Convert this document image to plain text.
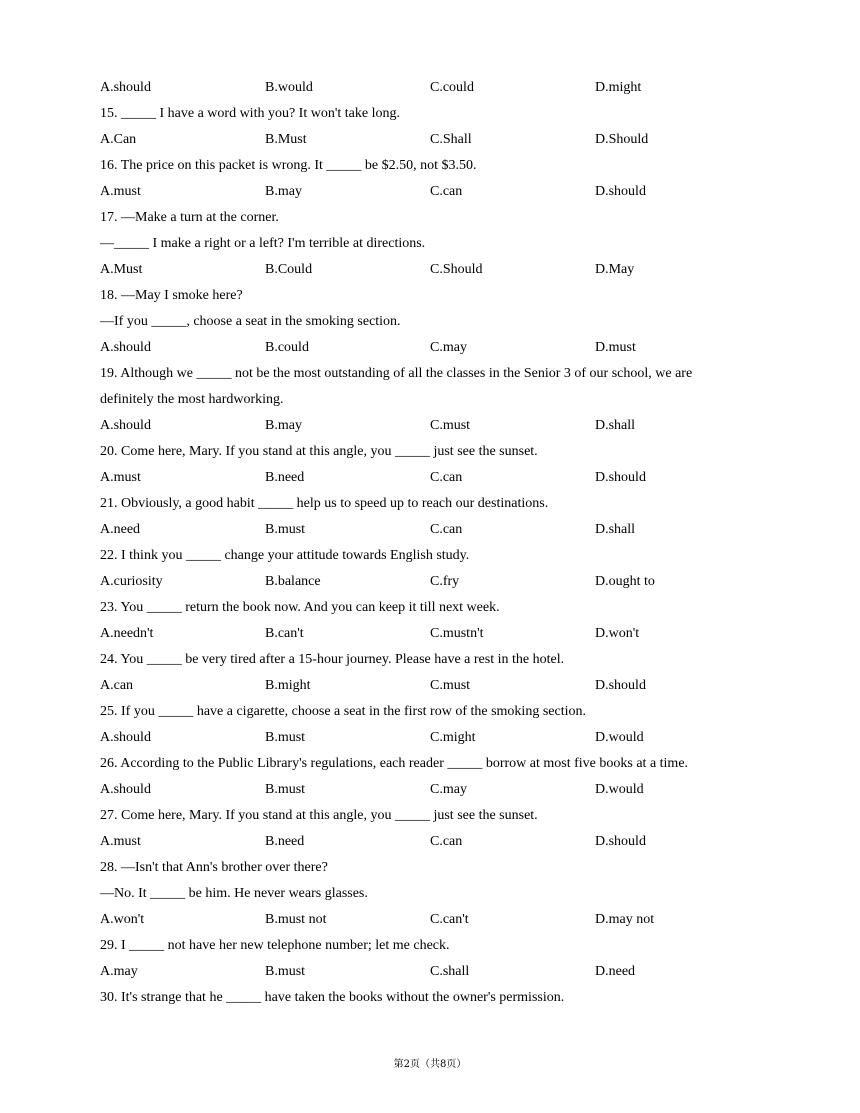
A.should	B.would	C.could	D.might
15. _____ I have a word with you? It won't take long.
A.Can	B.Must	C.Shall	D.Should
16. The price on this packet is wrong. It _____ be $2.50, not $3.50.
A.must	B.may	C.can	D.should
17. —Make a turn at the corner.
—_____ I make a right or a left? I'm terrible at directions.
A.Must	B.Could	C.Should	D.May
18. —May I smoke here?
—If you _____, choose a seat in the smoking section.
A.should	B.could	C.may	D.must
19. Although we _____ not be the most outstanding of all the classes in the Senior 3 of our school, we are
definitely the most hardworking.
A.should	B.may	C.must	D.shall
20. Come here, Mary. If you stand at this angle, you _____ just see the sunset.
A.must	B.need	C.can	D.should
21. Obviously, a good habit _____ help us to speed up to reach our destinations.
A.need	B.must	C.can	D.shall
22. I think you _____ change your attitude towards English study.
A.curiosity	B.balance	C.fry	D.ought to
23. You _____ return the book now. And you can keep it till next week.
A.needn't	B.can't	C.mustn't	D.won't
24. You _____ be very tired after a 15-hour journey. Please have a rest in the hotel.
A.can	B.might	C.must	D.should
25. If you _____ have a cigarette, choose a seat in the first row of the smoking section.
A.should	B.must	C.might	D.would
26. According to the Public Library's regulations, each reader _____ borrow at most five books at a time.
A.should	B.must	C.may	D.would
27. Come here, Mary. If you stand at this angle, you _____ just see the sunset.
A.must	B.need	C.can	D.should
28. —Isn't that Ann's brother over there?
—No. It _____ be him. He never wears glasses.
A.won't	B.must not	C.can't	D.may not
29. I _____ not have her new telephone number; let me check.
A.may	B.must	C.shall	D.need
30. It's strange that he _____ have taken the books without the owner's permission.
第2页（共8页）
